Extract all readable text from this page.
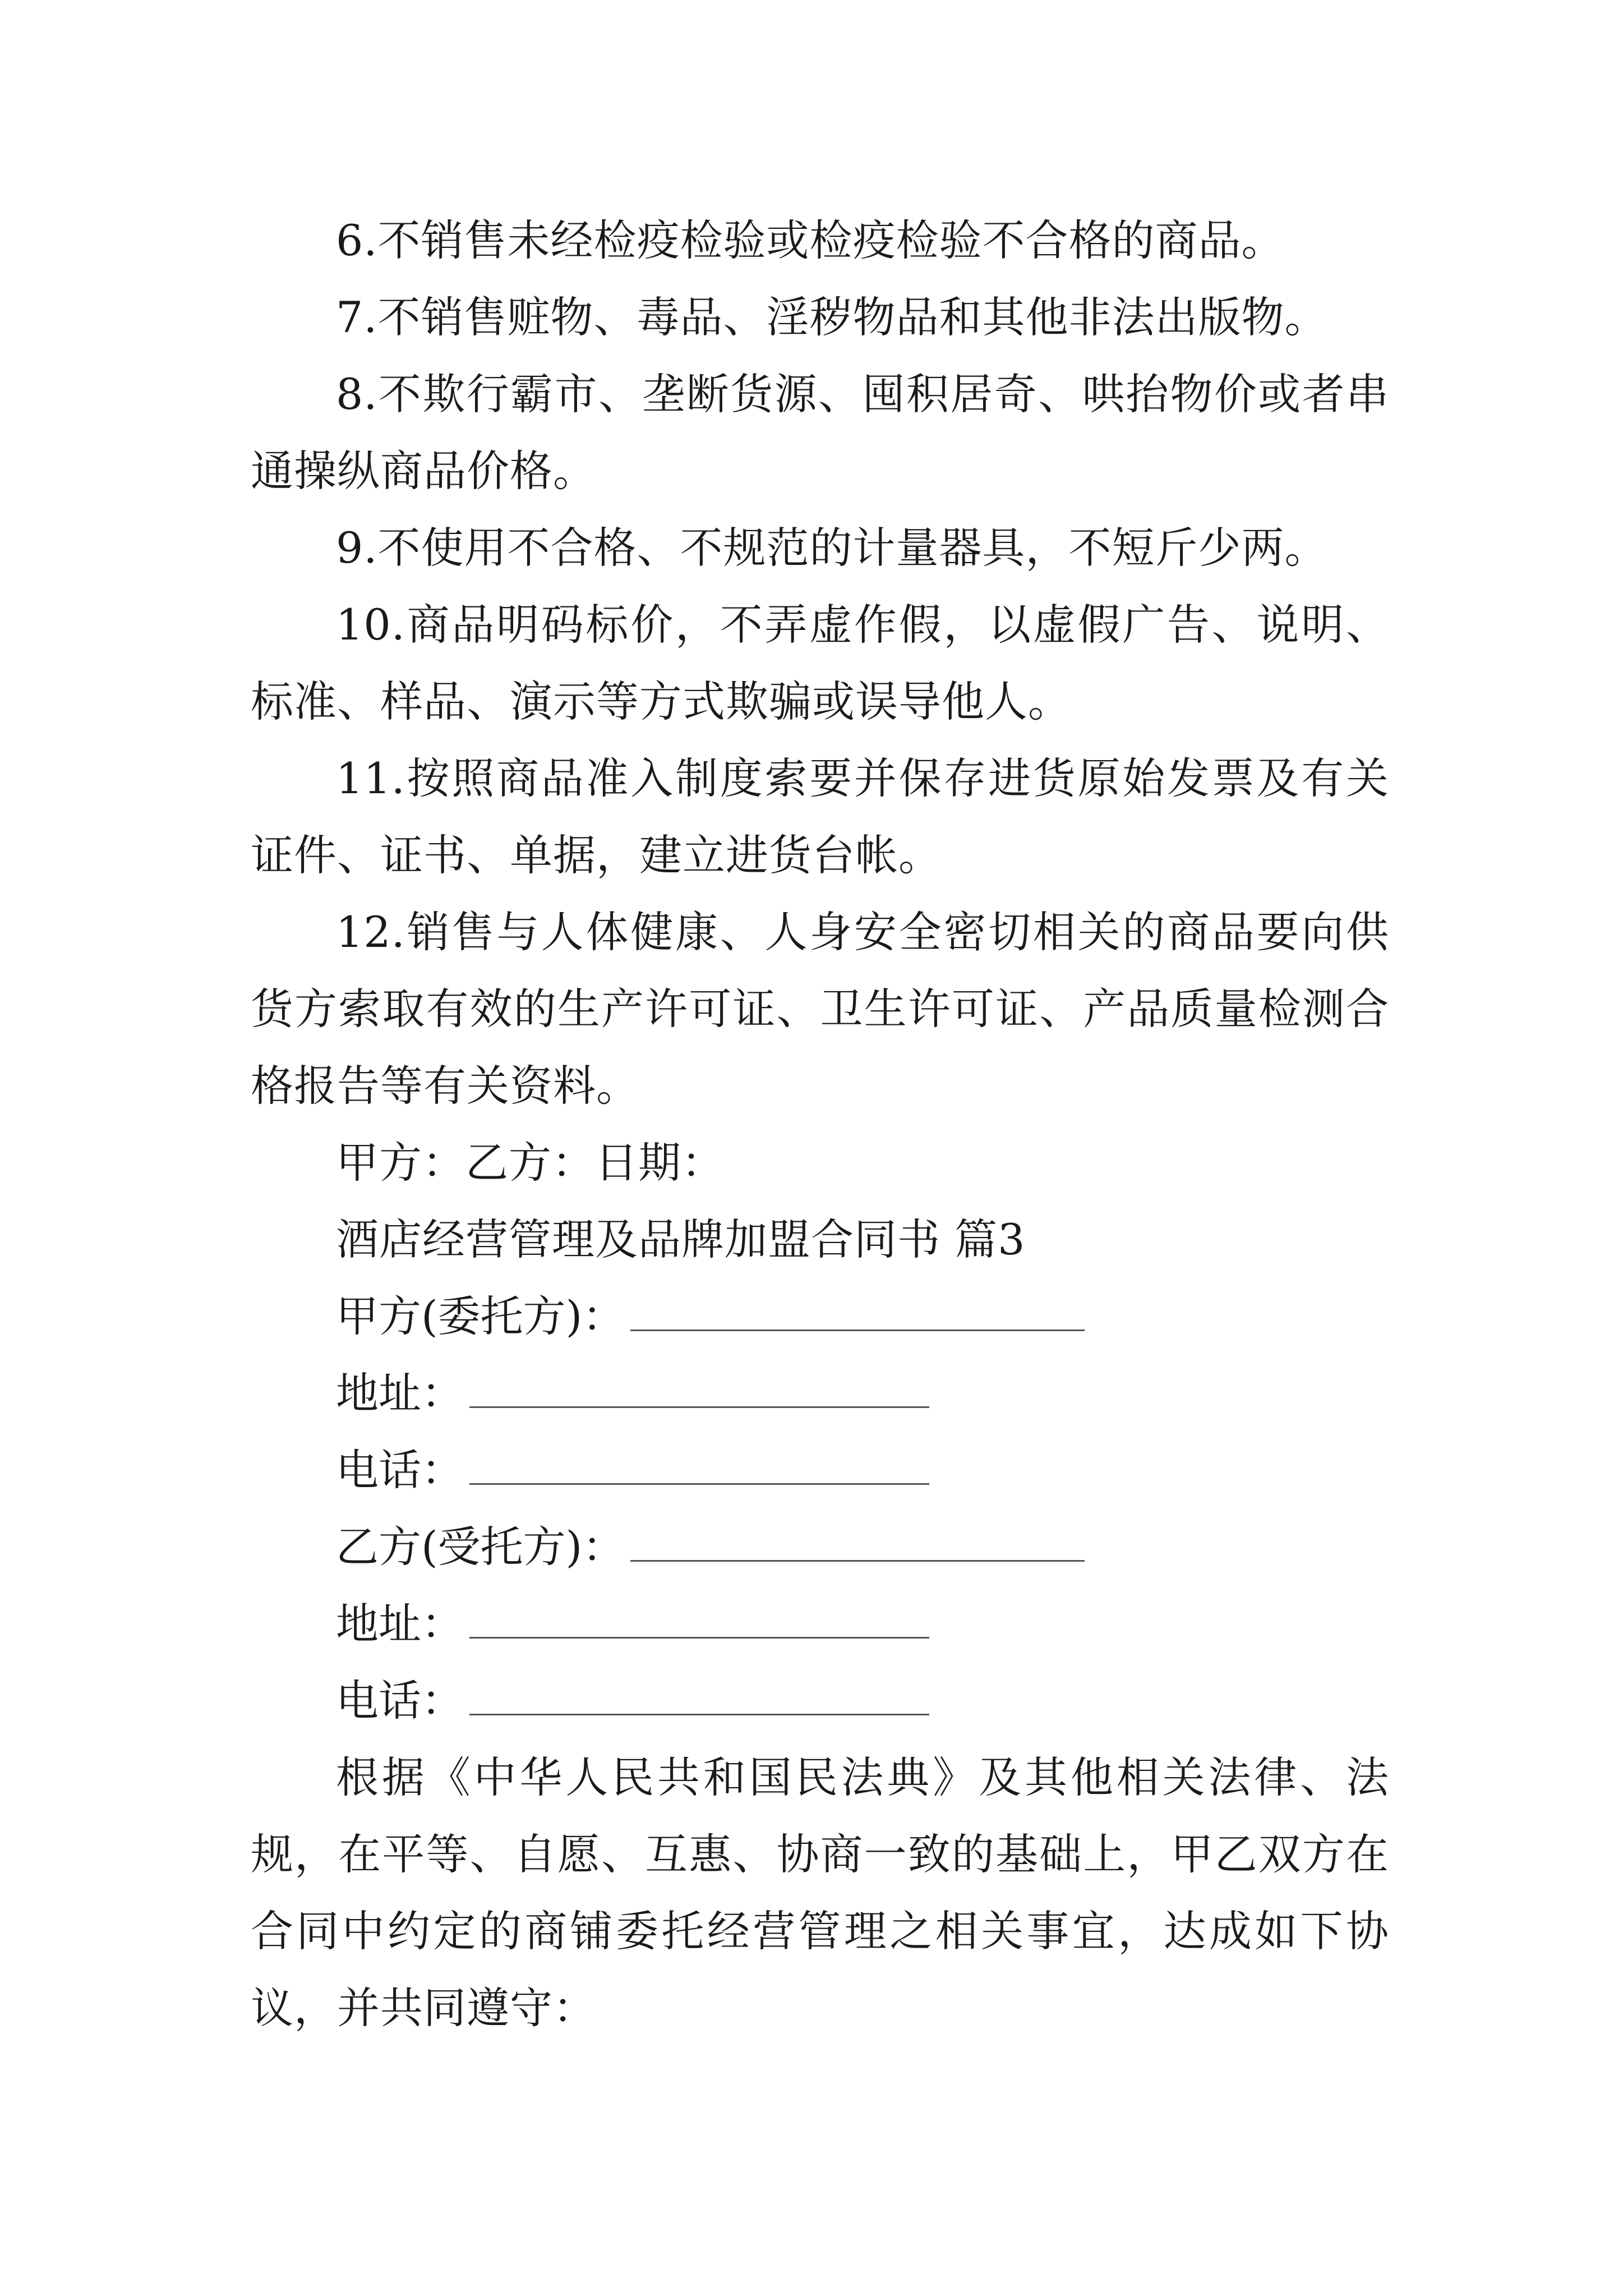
6.不销售未经检疫检验或检疫检验不合格的商品。

7.不销售赃物、毒品、淫秽物品和其他非法出版物。

8.不欺行霸市、垄断货源、囤积居奇、哄抬物价或者串通操纵商品价格。

9.不使用不合格、不规范的计量器具，不短斤少两。

10.商品明码标价，不弄虚作假，以虚假广告、说明、标准、样品、演示等方式欺骗或误导他人。

11.按照商品准入制度索要并保存进货原始发票及有关证件、证书、单据，建立进货台帐。

12.销售与人体健康、人身安全密切相关的商品要向供货方索取有效的生产许可证、卫生许可证、产品质量检测合格报告等有关资料。

甲方：乙方：日期：

酒店经营管理及品牌加盟合同书 篇3

甲方(委托方)：
地址：
电话：
乙方(受托方)：
地址：
电话：

根据《中华人民共和国民法典》及其他相关法律、法规，在平等、自愿、互惠、协商一致的基础上，甲乙双方在合同中约定的商铺委托经营管理之相关事宜，达成如下协议，并共同遵守：
